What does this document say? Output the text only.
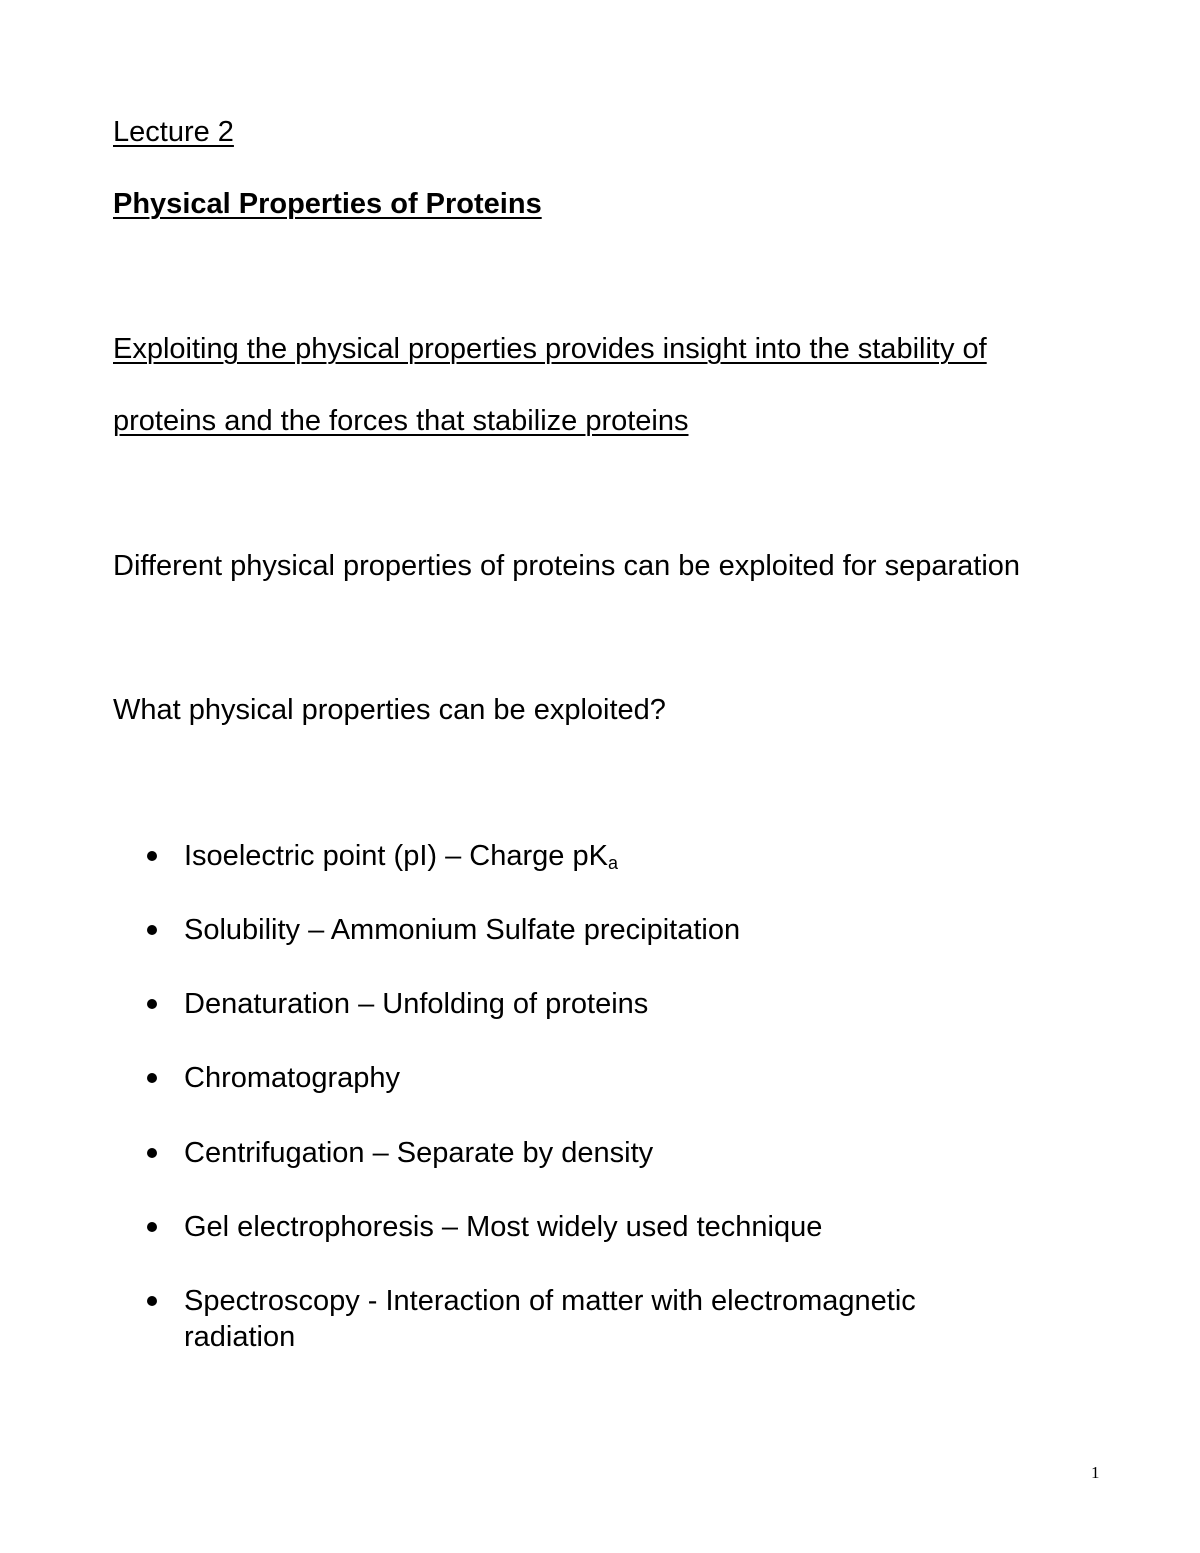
Lecture 2
Physical Properties of Proteins
Exploiting the physical properties provides insight into the stability of
proteins and the forces that stabilize proteins
Different physical properties of proteins can be exploited for separation
What physical properties can be exploited?
Isoelectric point (pI) – Charge $pK_a$
Solubility – Ammonium Sulfate precipitation
Denaturation – Unfolding of proteins
Chromatography
Centrifugation – Separate by density
Gel electrophoresis – Most widely used technique
Spectroscopy - Interaction of matter with electromagnetic
radiation
1
